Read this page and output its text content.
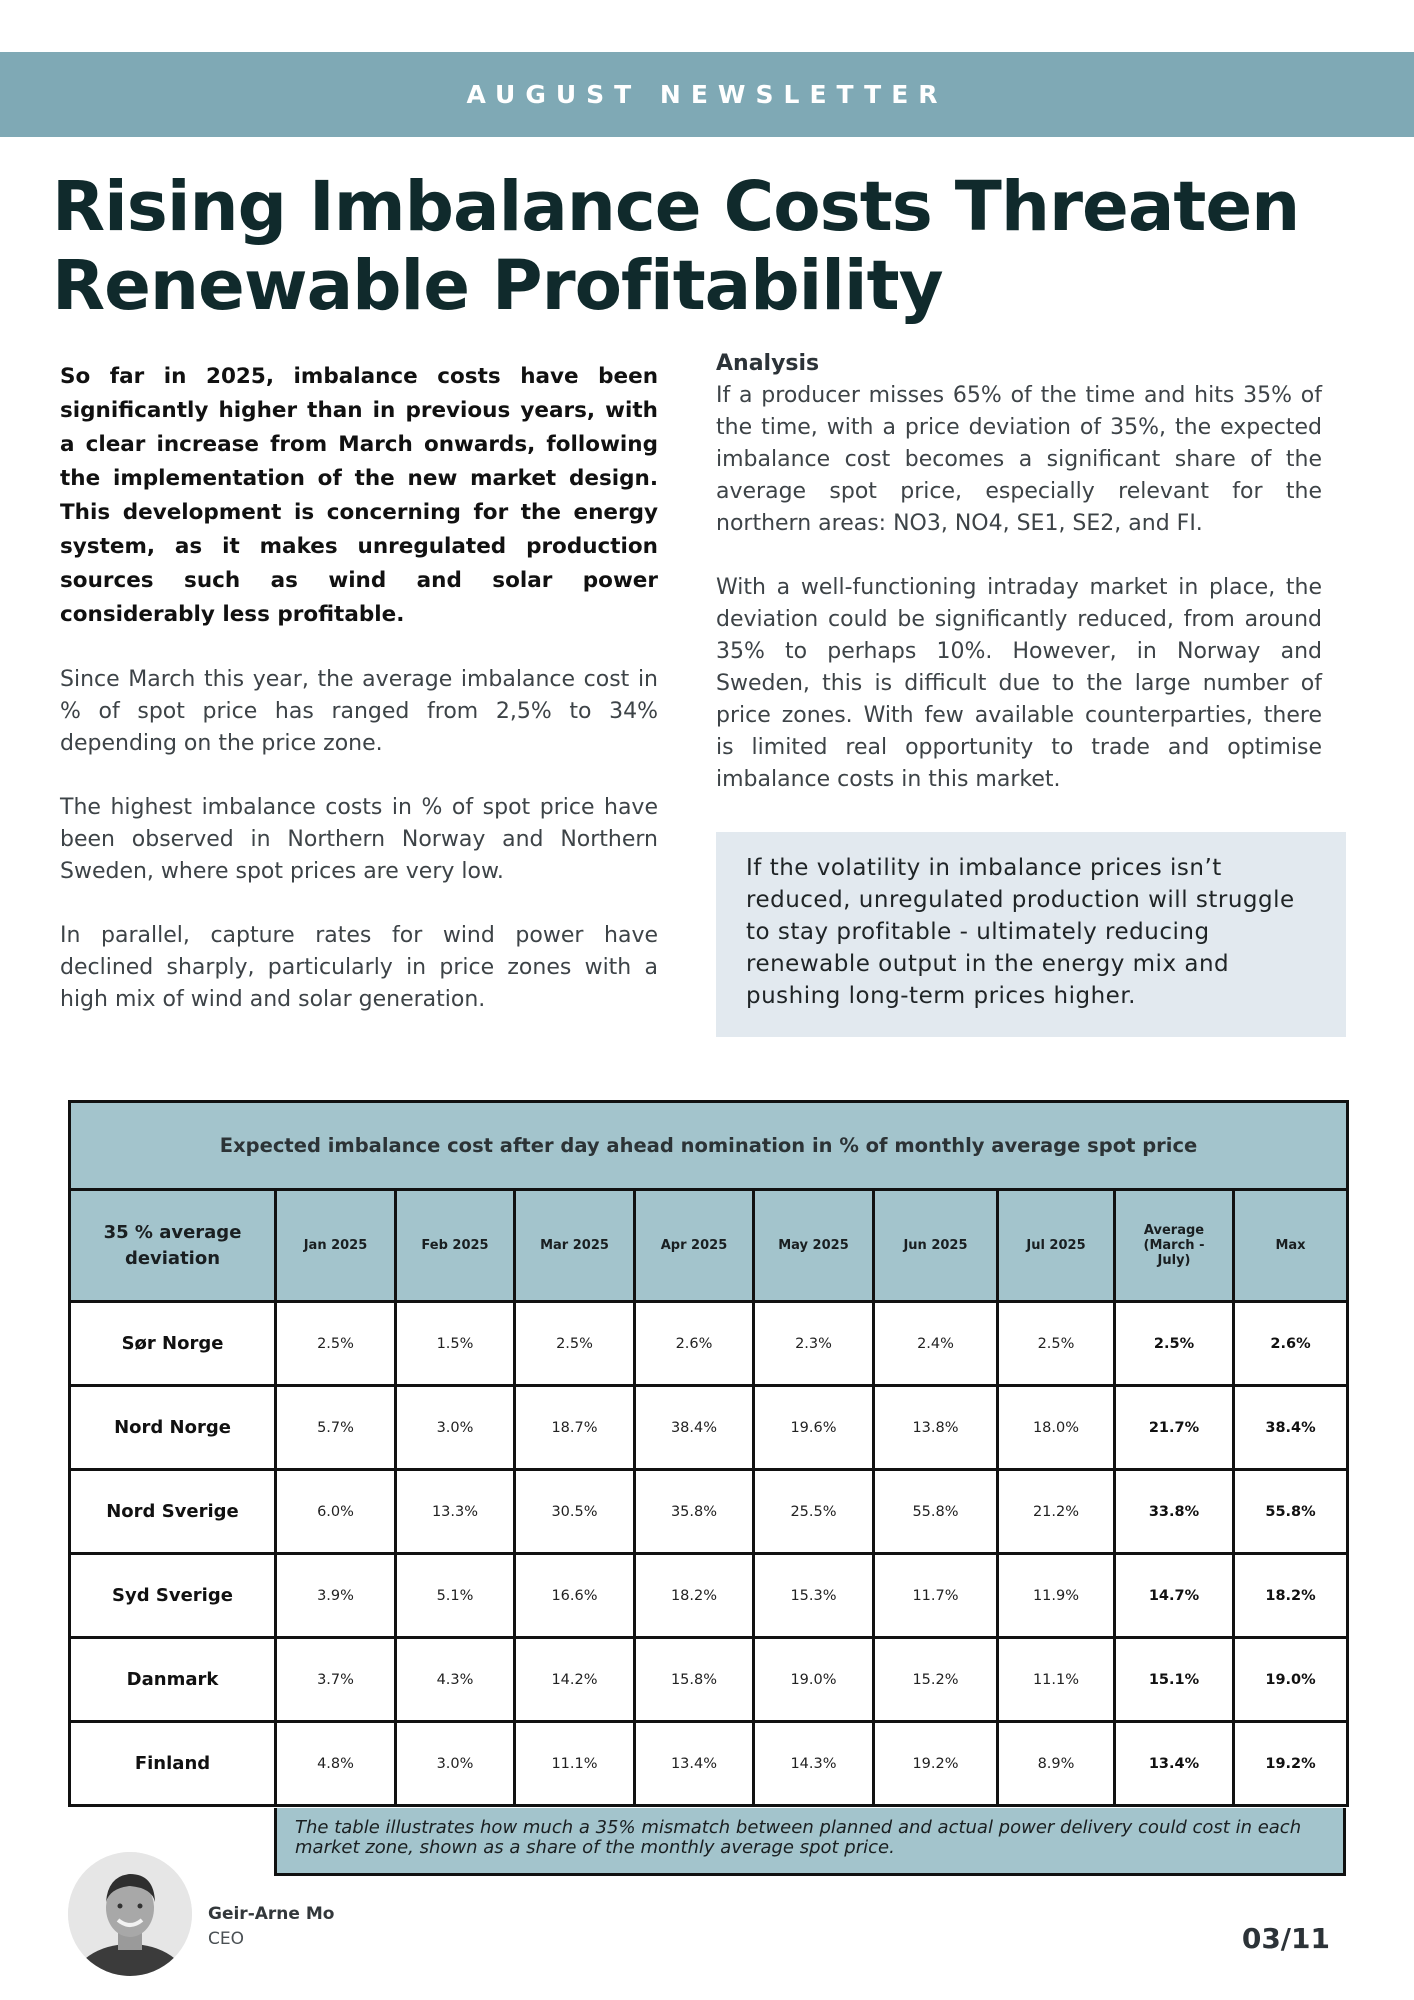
AUGUST NEWSLETTER
Rising Imbalance Costs Threaten
Renewable Profitability

So far in 2025, imbalance costs have been significantly higher than in previous years, with a clear increase from March onwards, following the implementation of the new market design. This development is concerning for the energy system, as it makes unregulated production sources such as wind and solar power considerably less profitable.

Since March this year, the average imbalance cost in % of spot price has ranged from 2,5% to 34% depending on the price zone.

The highest imbalance costs in % of spot price have been observed in Northern Norway and Northern Sweden, where spot prices are very low.

In parallel, capture rates for wind power have declined sharply, particularly in price zones with a high mix of wind and solar generation.

Analysis

If a producer misses 65% of the time and hits 35% of the time, with a price deviation of 35%, the expected imbalance cost becomes a significant share of the average spot price, especially relevant for the northern areas: NO3, NO4, SE1, SE2, and FI.

With a well-functioning intraday market in place, the deviation could be significantly reduced, from around 35% to perhaps 10%. However, in Norway and Sweden, this is difficult due to the large number of price zones. With few available counterparties, there is limited real opportunity to trade and optimise imbalance costs in this market.

If the volatility in imbalance prices isn’t reduced, unregulated production will struggle to stay profitable - ultimately reducing renewable output in the energy mix and pushing long-term prices higher.

Expected imbalance cost after day ahead nomination in % of monthly average spot price									
35 % average deviation	Jan 2025	Feb 2025	Mar 2025	Apr 2025	May 2025	Jun 2025	Jul 2025	Average (March - July)	Max
Sør Norge	2.5%	1.5%	2.5%	2.6%	2.3%	2.4%	2.5%	2.5%	2.6%
Nord Norge	5.7%	3.0%	18.7%	38.4%	19.6%	13.8%	18.0%	21.7%	38.4%
Nord Sverige	6.0%	13.3%	30.5%	35.8%	25.5%	55.8%	21.2%	33.8%	55.8%
Syd Sverige	3.9%	5.1%	16.6%	18.2%	15.3%	11.7%	11.9%	14.7%	18.2%
Danmark	3.7%	4.3%	14.2%	15.8%	19.0%	15.2%	11.1%	15.1%	19.0%
Finland	4.8%	3.0%	11.1%	13.4%	14.3%	19.2%	8.9%	13.4%	19.2%
The table illustrates how much a 35% mismatch between planned and actual power delivery could cost in each market zone, shown as a share of the monthly average spot price.
Geir-Arne Mo
CEO	03/11
